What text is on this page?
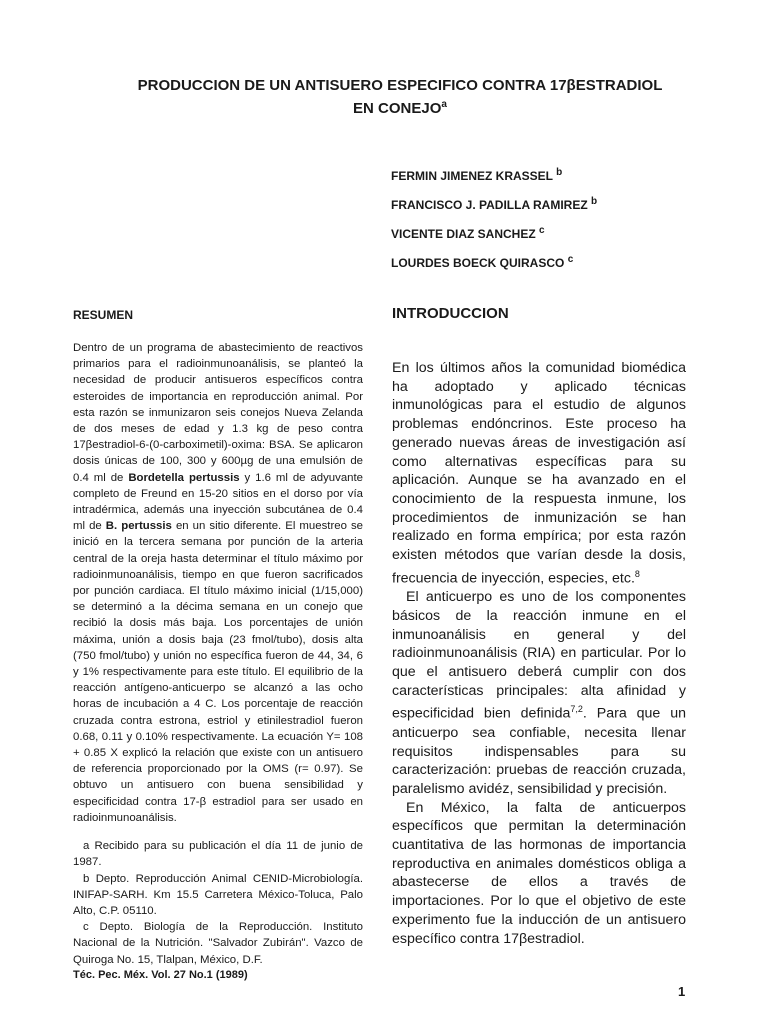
PRODUCCION DE UN ANTISUERO ESPECIFICO CONTRA 17βESTRADIOL
EN CONEJO$^a$
FERMIN JIMENEZ KRASSEL $^b$
FRANCISCO J. PADILLA RAMIREZ $^b$
VICENTE DIAZ SANCHEZ $^c$
LOURDES BOECK QUIRASCO $^c$
RESUMEN

Dentro de un programa de abastecimiento de reactivos primarios para el radioinmunoanálisis, se planteó la necesidad de producir antisueros específicos contra esteroides de importancia en reproducción animal. Por esta razón se inmunizaron seis conejos Nueva Zelanda de dos meses de edad y 1.3 kg de peso contra 17βestradiol-6-(0-carboximetil)-oxima: BSA. Se aplicaron dosis únicas de 100, 300 y 600µg de una emulsión de 0.4 ml de Bordetella pertussis y 1.6 ml de adyuvante completo de Freund en 15-20 sitios en el dorso por vía intradérmica, además una inyección subcutánea de 0.4 ml de B. pertussis en un sitio diferente. El muestreo se inició en la tercera semana por punción de la arteria central de la oreja hasta determinar el título máximo por radioinmunoanálisis, tiempo en que fueron sacrificados por punción cardiaca. El título máximo inicial (1/15,000) se determinó a la décima semana en un conejo que recibió la dosis más baja. Los porcentajes de unión máxima, unión a dosis baja (23 fmol/tubo), dosis alta (750 fmol/tubo) y unión no específica fueron de 44, 34, 6 y 1% respectivamente para este título. El equilibrio de la reacción antígeno-anticuerpo se alcanzó a las ocho horas de incubación a 4 C. Los porcentaje de reacción cruzada contra estrona, estriol y etinilestradiol fueron 0.68, 0.11 y 0.10% respectivamente. La ecuación Y= 108 + 0.85 X explicó la relación que existe con un antisuero de referencia proporcionado por la OMS (r= 0.97). Se obtuvo un antisuero con buena sensibilidad y especificidad contra 17-β estradiol para ser usado en radioinmunoanálisis.

a Recibido para su publicación el día 11 de junio de 1987.
b Depto. Reproducción Animal CENID-Microbiología. INIFAP-SARH. Km 15.5 Carretera México-Toluca, Palo Alto, C.P. 05110.
c Depto. Biología de la Reproducción. Instituto Nacional de la Nutrición. "Salvador Zubirán". Vazco de Quiroga No. 15, Tlalpan, México, D.F.
Téc. Pec. Méx. Vol. 27 No.1 (1989)
INTRODUCCION

En los últimos años la comunidad biomédica ha adoptado y aplicado técnicas inmunológicas para el estudio de algunos problemas endóncrinos. Este proceso ha generado nuevas áreas de investigación así como alternativas específicas para su aplicación. Aunque se ha avanzado en el conocimiento de la respuesta inmune, los procedimientos de inmunización se han realizado en forma empírica; por esta razón existen métodos que varían desde la dosis, frecuencia de inyección, especies, etc.$^8$

El anticuerpo es uno de los componentes básicos de la reacción inmune en el inmunoanálisis en general y del radioinmunoanálisis (RIA) en particular. Por lo que el antisuero deberá cumplir con dos características principales: alta afinidad y especificidad bien definida$^{7,2}$. Para que un anticuerpo sea confiable, necesita llenar requisitos indispensables para su caracterización: pruebas de reacción cruzada, paralelismo avidéz, sensibilidad y precisión.

En México, la falta de anticuerpos específicos que permitan la determinación cuantitativa de las hormonas de importancia reproductiva en animales domésticos obliga a abastecerse de ellos a través de importaciones. Por lo que el objetivo de este experimento fue la inducción de un antisuero específico contra 17βestradiol.

1
